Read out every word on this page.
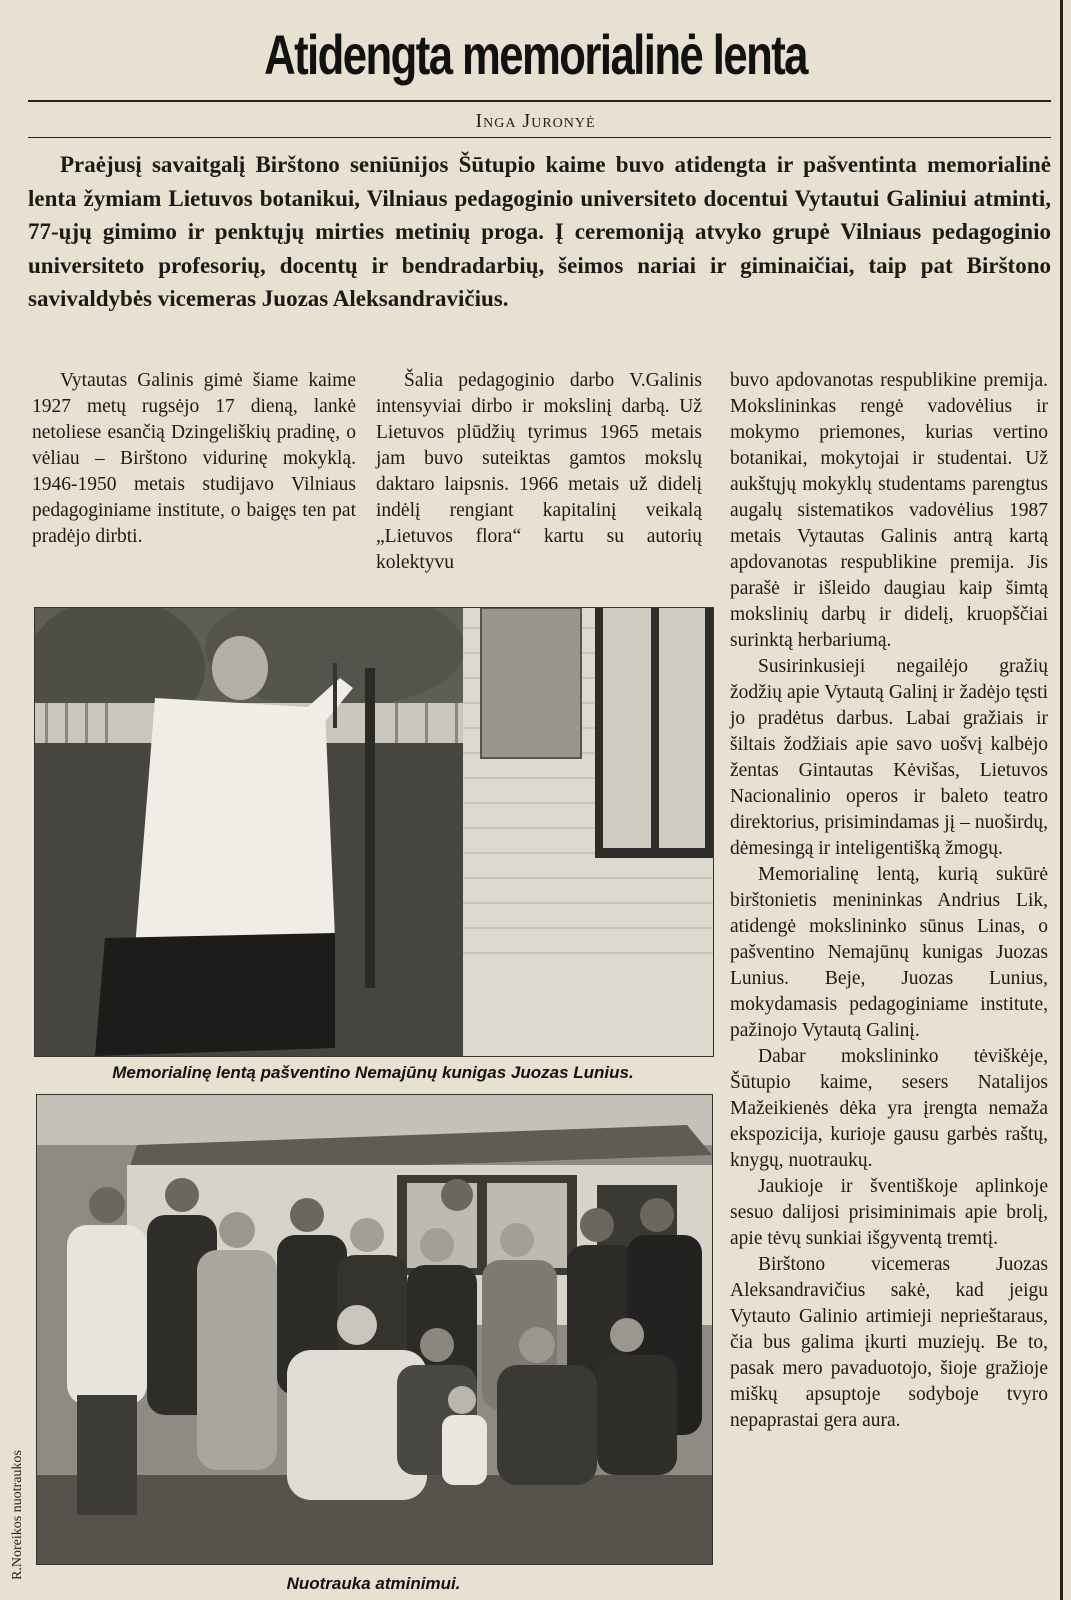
Atidengta memorialinė lenta
Inga Juronyė

Praėjusį savaitgalį Birštono seniūnijos Šūtupio kaime buvo atidengta ir pašventinta memorialinė lenta žymiam Lietuvos botanikui, Vilniaus pedagoginio universiteto docentui Vytautui Galiniui atminti, 77-ųjų gimimo ir penktųjų mirties metinių proga. Į ceremoniją atvyko grupė Vilniaus pedagoginio universiteto profesorių, docentų ir bendradarbių, šeimos nariai ir giminaičiai, taip pat Birštono savivaldybės vicemeras Juozas Aleksandravičius.

Vytautas Galinis gimė šiame kaime 1927 metų rugsėjo 17 dieną, lankė netoliese esančią Dzingeliškių pradinę, o vėliau – Birštono vidurinę mokyklą. 1946-1950 metais studijavo Vilniaus pedagoginiame institute, o baigęs ten pat pradėjo dirbti.

Šalia pedagoginio darbo V.Galinis intensyviai dirbo ir mokslinį darbą. Už Lietuvos plūdžių tyrimus 1965 metais jam buvo suteiktas gamtos mokslų daktaro laipsnis. 1966 metais už didelį indėlį rengiant kapitalinį veikalą „Lietuvos flora“ kartu su autorių kolektyvu

buvo apdovanotas respublikine premija. Mokslininkas rengė vadovėlius ir mokymo priemones, kurias vertino botanikai, mokytojai ir studentai. Už aukštųjų mokyklų studentams parengtus augalų sistematikos vadovėlius 1987 metais Vytautas Galinis antrą kartą apdovanotas respublikine premija. Jis parašė ir išleido daugiau kaip šimtą mokslinių darbų ir didelį, kruopščiai surinktą herbariumą.

Susirinkusieji negailėjo gražių žodžių apie Vytautą Galinį ir žadėjo tęsti jo pradėtus darbus. Labai gražiais ir šiltais žodžiais apie savo uošvį kalbėjo žentas Gintautas Kėvišas, Lietuvos Nacionalinio operos ir baleto teatro direktorius, prisimindamas jį – nuoširdų, dėmesingą ir inteligentišką žmogų.

Memorialinę lentą, kurią sukūrė birštonietis menininkas Andrius Lik, atidengė mokslininko sūnus Linas, o pašventino Nemajūnų kunigas Juozas Lunius. Beje, Juozas Lunius, mokydamasis pedagoginiame institute, pažinojo Vytautą Galinį.

Dabar mokslininko tėviškėje, Šūtupio kaime, sesers Natalijos Mažeikienės dėka yra įrengta nemaža ekspozicija, kurioje gausu garbės raštų, knygų, nuotraukų.

Jaukioje ir šventiškoje aplinkoje sesuo dalijosi prisiminimais apie brolį, apie tėvų sunkiai išgyventą tremtį.

Birštono vicemeras Juozas Aleksandravičius sakė, kad jeigu Vytauto Galinio artimieji neprieštaraus, čia bus galima įkurti muziejų. Be to, pasak mero pavaduotojo, šioje gražioje miškų apsuptoje sodyboje tvyro nepaprastai gera aura.

Memorialinę lentą pašventino Nemajūnų kunigas Juozas Lunius.
Nuotrauka atminimui.
R.Noreikos nuotraukos
